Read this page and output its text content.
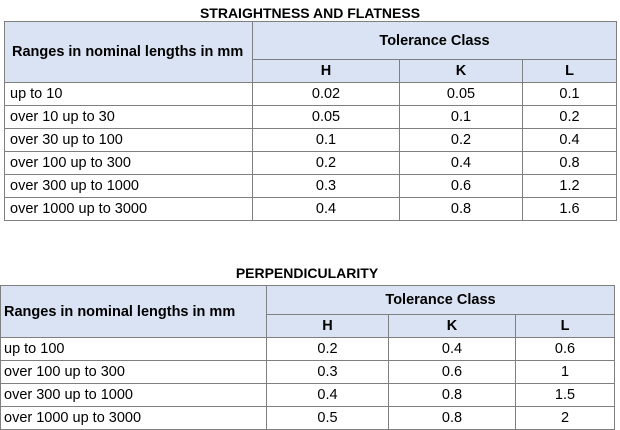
STRAIGHTNESS AND FLATNESS
Ranges in nominal lengths in mm	Tolerance Class		
	H	K	L
up to 10	0.02	0.05	0.1
over 10 up to 30	0.05	0.1	0.2
over 30 up to 100	0.1	0.2	0.4
over 100 up to 300	0.2	0.4	0.8
over 300 up to 1000	0.3	0.6	1.2
over 1000 up to 3000	0.4	0.8	1.6
PERPENDICULARITY
Ranges in nominal lengths in mm	Tolerance Class		
	H	K	L
up to 100	0.2	0.4	0.6
over 100 up to 300	0.3	0.6	1
over 300 up to 1000	0.4	0.8	1.5
over 1000 up to 3000	0.5	0.8	2
